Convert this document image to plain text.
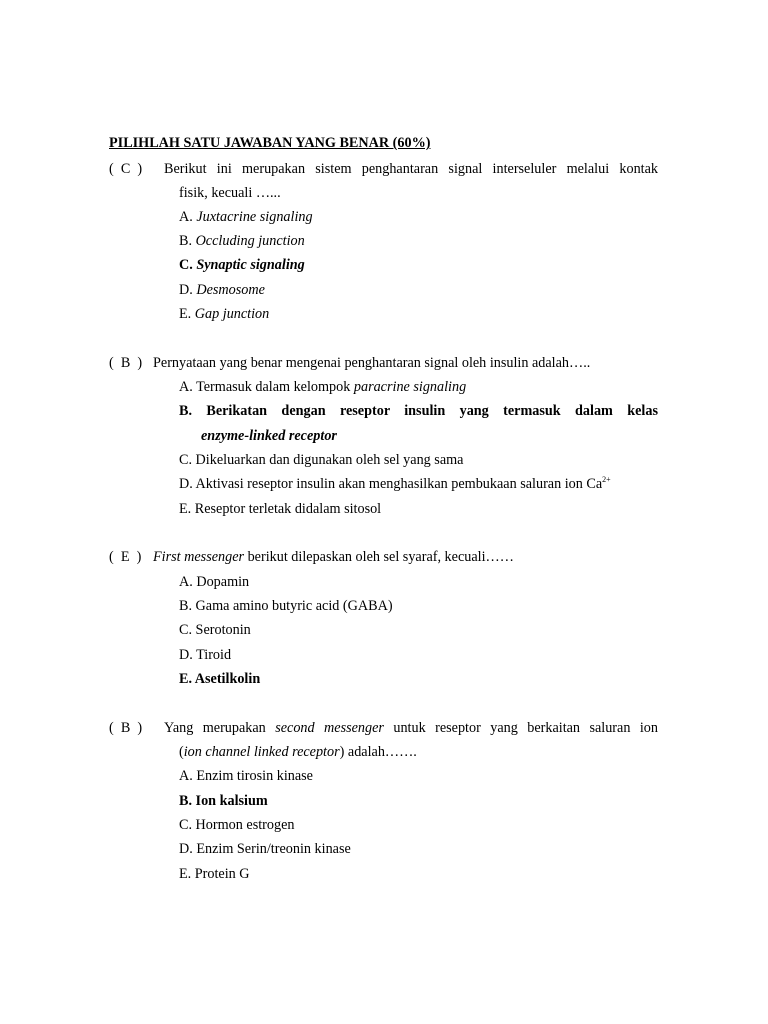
PILIHLAH SATU JAWABAN YANG BENAR (60%)
(  C  ) Berikut ini merupakan sistem penghantaran signal interseluler melalui kontak
fisik, kecuali …...
A. Juxtacrine signaling
B. Occluding junction
C. Synaptic signaling
D. Desmosome
E. Gap junction
(  B  ) Pernyataan yang benar mengenai penghantaran signal oleh insulin adalah…..
A. Termasuk dalam kelompok paracrine signaling
B. Berikatan dengan reseptor insulin yang termasuk dalam kelas
enzyme-linked receptor
C. Dikeluarkan dan digunakan oleh sel yang sama
D. Aktivasi reseptor insulin akan menghasilkan pembukaan saluran ion $Ca^{2+}$
E. Reseptor terletak didalam sitosol
(  E  ) First messenger berikut dilepaskan oleh sel syaraf, kecuali……
A. Dopamin
B. Gama amino butyric acid (GABA)
C. Serotonin
D. Tiroid
E. Asetilkolin
(  B  ) Yang merupakan second messenger untuk reseptor yang berkaitan saluran ion
(ion channel linked receptor) adalah…….
A. Enzim tirosin kinase
B. Ion kalsium
C. Hormon estrogen
D. Enzim Serin/treonin kinase
E. Protein G
